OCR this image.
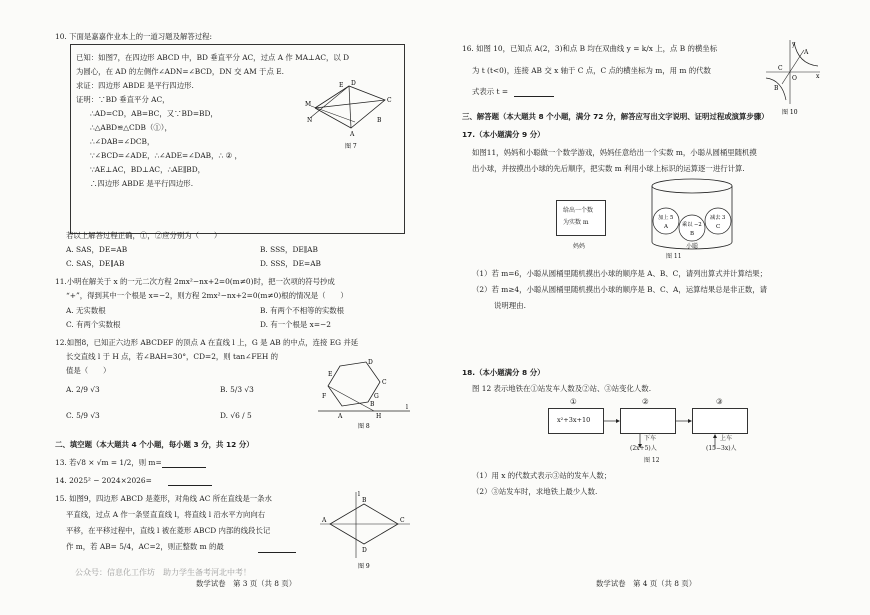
10. 下面是嘉嘉作业本上的一道习题及解答过程:
已知：如图7，在四边形 ABCD 中，BD 垂直平分 AC，过点 A 作 MA⊥AC，以 D
为圆心，在 AD 的左侧作∠ADN=∠BCD，DN 交 AM 于点 E.
求证：四边形 ABDE 是平行四边形.
证明：∵BD 垂直平分 AC，
∴AD=CD，AB=BC，又∵BD=BD，
∴△ABD≌△CDB（①），
∴∠DAB=∠DCB，
∵∠BCD=∠ADE，∴∠ADE=∠DAB，∴ ② ，
∵AE⊥AC，BD⊥AC，∴AE∥BD，
∴四边形 ABDE 是平行四边形.
E D
C
A
B
M
N
图 7
若以上解答过程正确，①，②应分别为（　　）
A. SAS，DE=AB	B. SSS，DE∥AB
C. SAS，DE∥AB	D. SSS，DE=AB
11.小明在解关于 x 的一元二次方程 2mx²−nx+2=0(m≠0)时，把一次项的符号抄成
“+”，得到其中一个根是 x=−2，则方程 2mx²−nx+2=0(m≠0)根的情况是（　　）
A. 无实数根	B. 有两个不相等的实数根
C. 有两个实数根	D. 有一个根是 x=−2
12.如图8，已知正六边形 ABCDEF 的顶点 A 在直线 l 上，G 是 AB 的中点，连接 EG 并延
长交直线 l 于 H 点，若∠BAH=30°，CD=2，则 tan∠FEH 的
值是（　　）
A. 2/9 √3	B. 5/3 √3
C. 5/9 √3	D. √6 / 5
E
D
C
F
B
G
A	H
l
图 8
二、填空题（本大题共 4 个小题，每小题 3 分，共 12 分）
13. 若√8 × √m = 1/2，则 m=
14. 2025² − 2024×2026=
15. 如图9，四边形 ABCD 是菱形，对角线 AC 所在直线是一条水
平直线，过点 A 作一条竖直直线 l，将直线 l 沿水平方向向右
平移，在平移过程中，直线 l 被在菱形 ABCD 内部的线段长记
作 m，若 AB= 5/4，AC=2，则正整数 m 的最
A
B
C
D
l
图 9
公众号：信息化工作坊　助力学生备考河北中考！
数学试卷　第 3 页（共 8 页）
16. 如图 10，已知点 A(2，3)和点 B 均在双曲线 y = k/x 上，点 B 的横坐标
为 t (t<0)，连接 AB 交 x 轴于 C 点，C 点的横坐标为 m，用 m 的代数
式表示 t =
y
x
O
A
B
C
图 10
三、解答题（本大题共 8 个小题，满分 72 分，解答应写出文字说明、证明过程或演算步骤）
17.（本小题满分 9 分）
如图11，妈妈和小聪做一个数学游戏，妈妈任意给出一个实数 m，小聪从圆桶里随机摸
出小球，并按摸出小球的先后顺序，把实数 m 利用小球上标识的运算逐一进行计算.
给出一个数
为实数 m
妈妈
加上 5
A	乘以 −2
B
减去 3
C
小聪
图 11
（1）若 m=6，小聪从圆桶里随机摸出小球的顺序是 A、B、C，请列出算式并计算结果；
（2）若 m≥4，小聪从圆桶里随机摸出小球的顺序是 B、C、A，运算结果总是非正数，请
说明理由.
18.（本小题满分 8 分）
图 12 表示地铁在①站发车人数及②站、③站变化人数.
①	②	③
x²+3x+10
下车
(2x+5)人
上车
(15−3x)人
图 12
（1）用 x 的代数式表示③站的发车人数；
（2）③站发车时，求地铁上最少人数.
数学试卷　第 4 页（共 8 页）
